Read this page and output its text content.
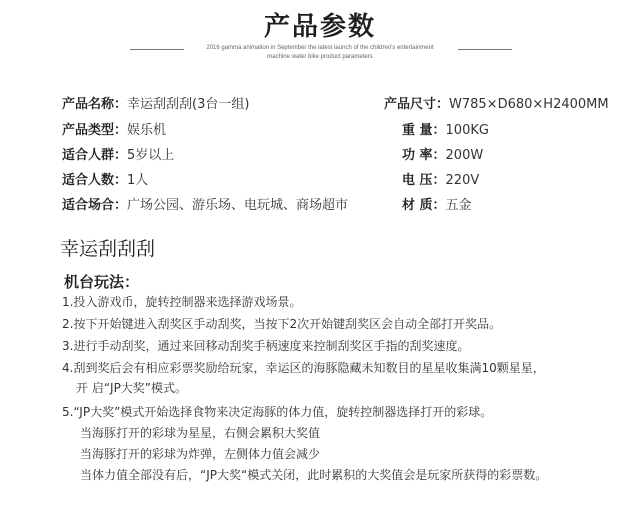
产品参数
2016 gamma animation in September the latest launch of the children's entertainment
machine water bike product parameters
产品名称：幸运刮刮刮(3台一组)
产品类型：娱乐机
适合人群：5岁以上
适合人数：1人
适合场合：广场公园、游乐场、电玩城、商场超市
产品尺寸：W785×D680×H2400MM
重 量：100KG
功 率：200W
电 压：220V
材 质：五金
幸运刮刮刮
机台玩法：
1.投入游戏币，旋转控制器来选择游戏场景。
2.按下开始键进入刮奖区手动刮奖，当按下2次开始键刮奖区会自动全部打开奖品。
3.进行手动刮奖，通过来回移动刮奖手柄速度来控制刮奖区手指的刮奖速度。
4.刮到奖后会有相应彩票奖励给玩家，幸运区的海豚隐藏未知数目的星星收集满10颗星星，
开 启“JP大奖”模式。
5.“JP大奖”模式开始选择食物来决定海豚的体力值，旋转控制器选择打开的彩球。
当海豚打开的彩球为星星，右侧会累积大奖值
当海豚打开的彩球为炸弹，左侧体力值会减少
当体力值全部没有后，“JP大奖“模式关闭，此时累积的大奖值会是玩家所获得的彩票数。
